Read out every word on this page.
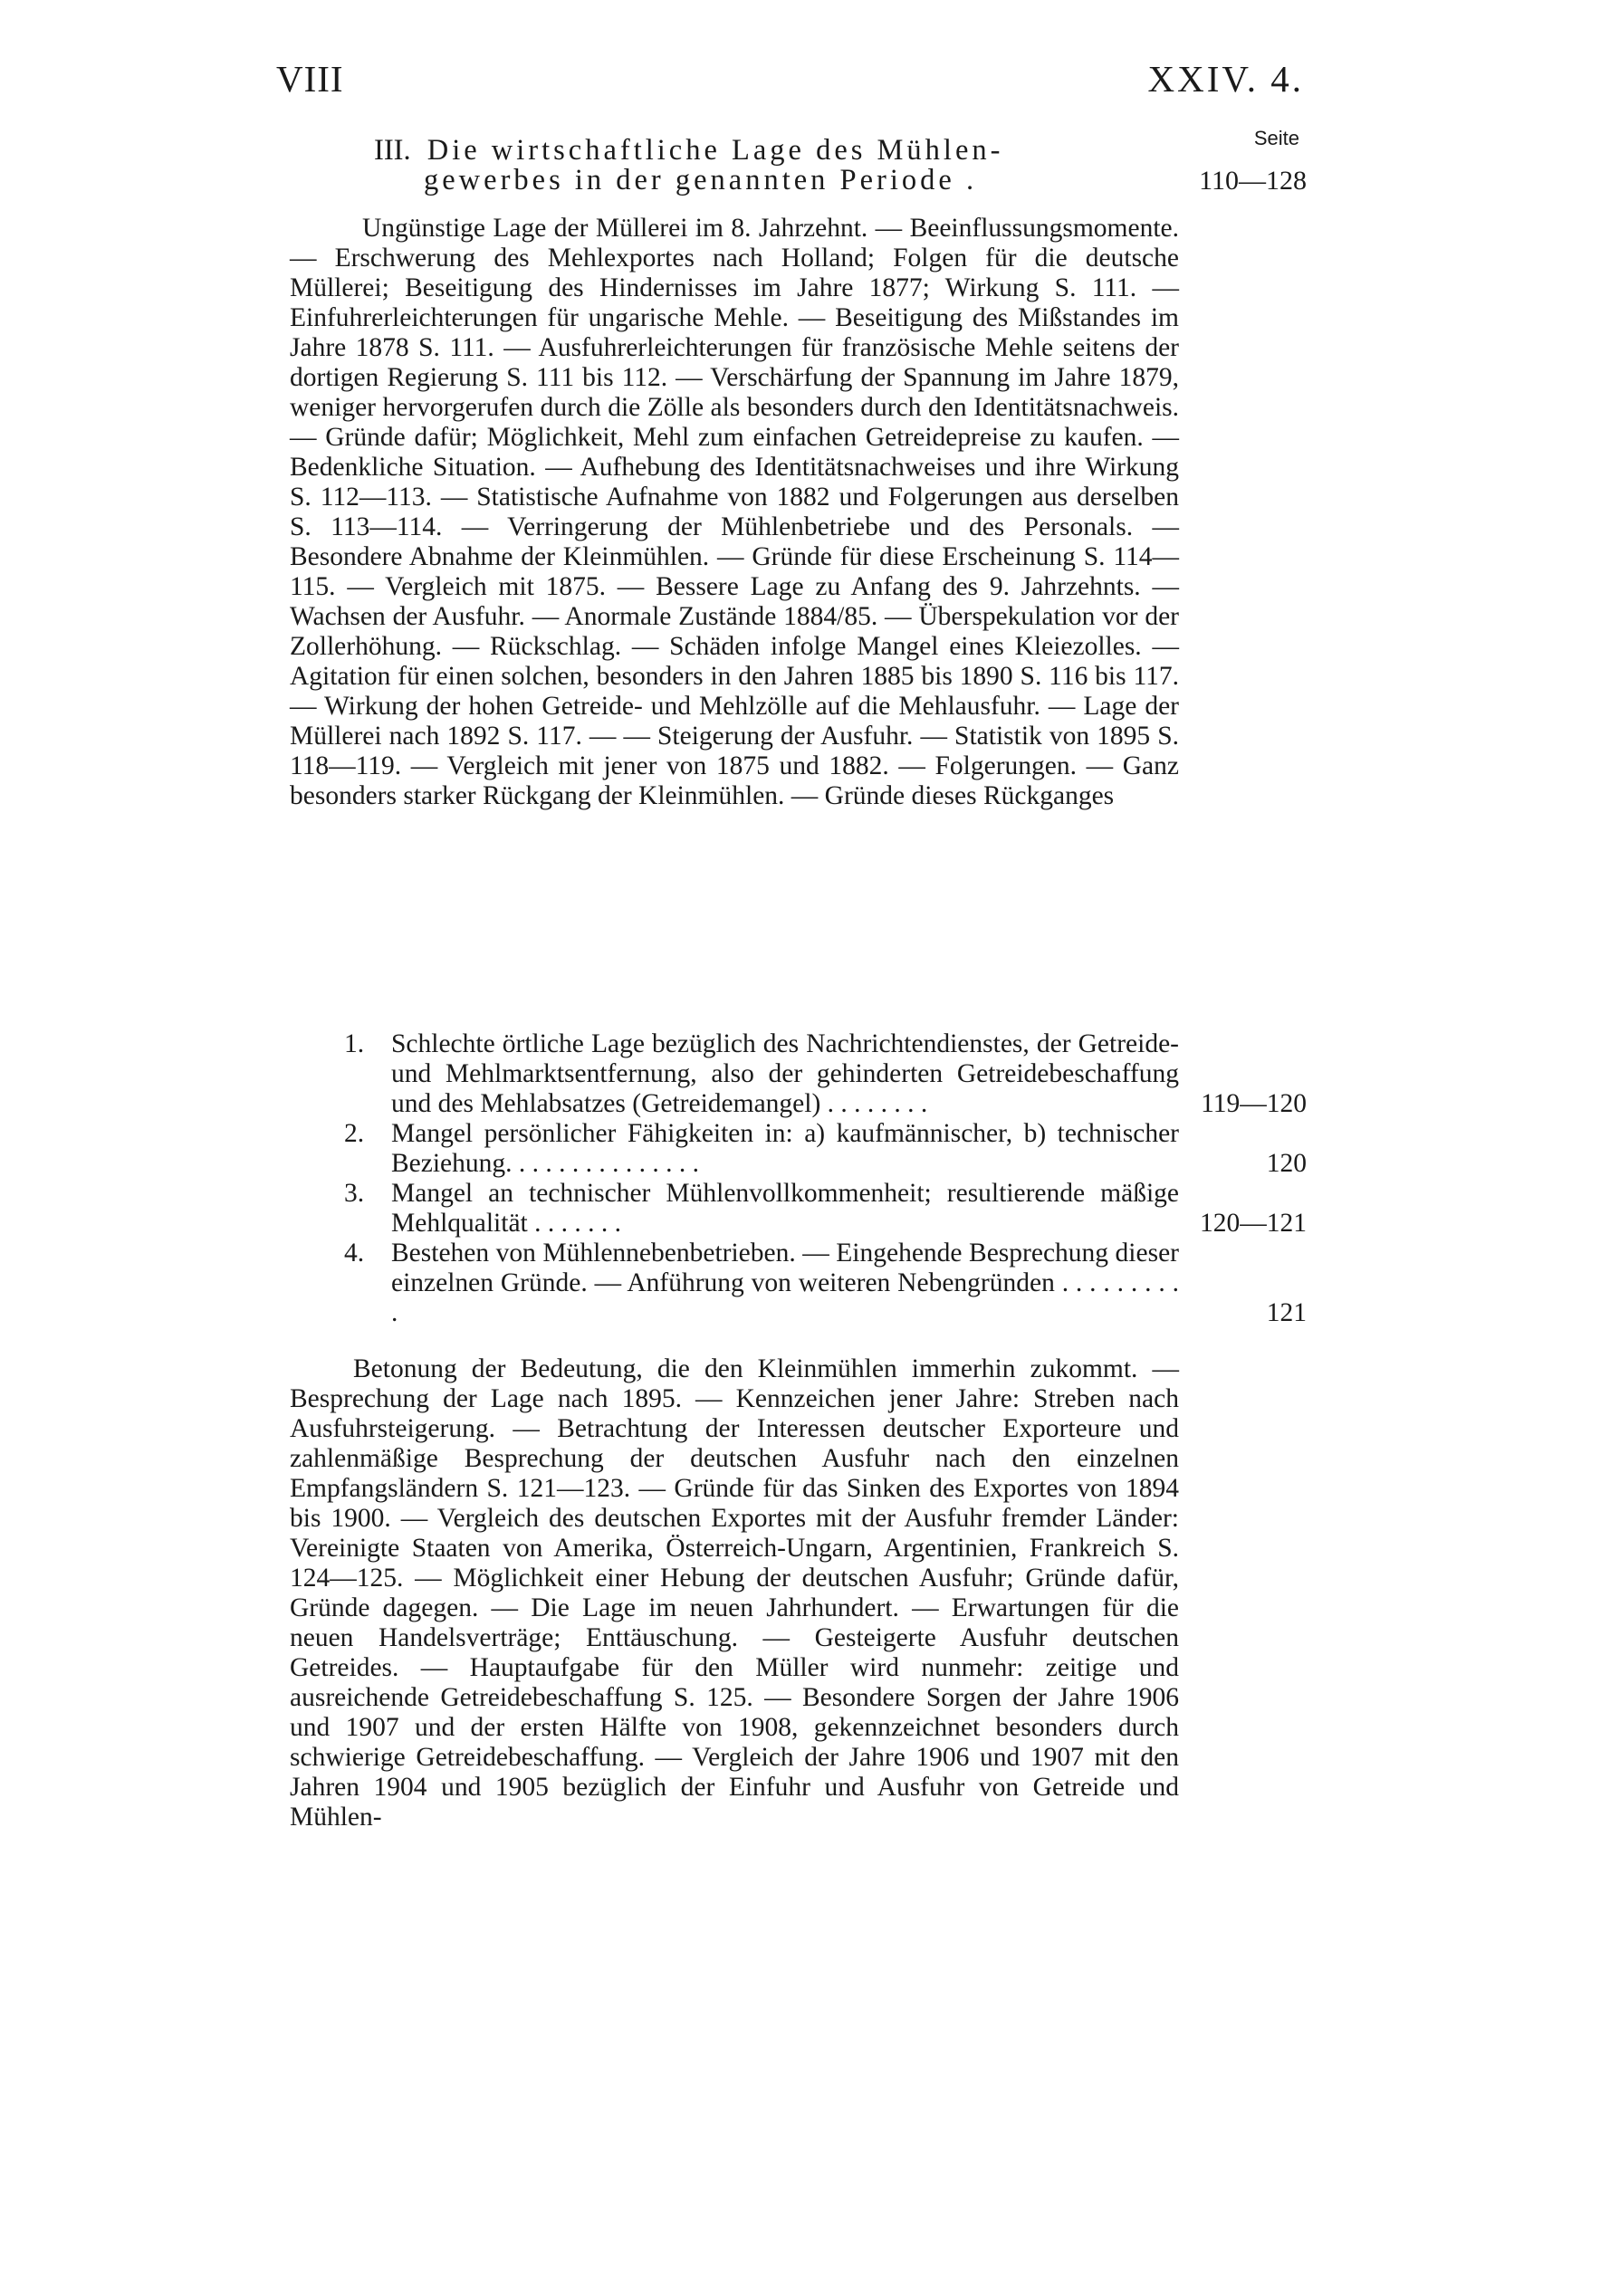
VIII	XXIV. 4.
Seite
III. Die wirtschaftliche Lage des Mühlen-
gewerbes in der genannten Periode .	110—128
Ungünstige Lage der Müllerei im 8. Jahrzehnt. — Beeinflussungsmomente. — Erschwerung des Mehlexportes nach Holland; Folgen für die deutsche Müllerei; Beseitigung des Hindernisses im Jahre 1877; Wirkung S. 111. — Einfuhrerleichterungen für ungarische Mehle. — Beseitigung des Mißstandes im Jahre 1878 S. 111. — Ausfuhrerleichterungen für französische Mehle seitens der dortigen Regierung S. 111 bis 112. — Verschärfung der Spannung im Jahre 1879, weniger hervorgerufen durch die Zölle als besonders durch den Identitätsnachweis. — Gründe dafür; Möglichkeit, Mehl zum einfachen Getreidepreise zu kaufen. — Bedenkliche Situation. — Aufhebung des Identitätsnachweises und ihre Wirkung S. 112—113. — Statistische Aufnahme von 1882 und Folgerungen aus derselben S. 113—114. — Verringerung der Mühlenbetriebe und des Personals. — Besondere Abnahme der Kleinmühlen. — Gründe für diese Erscheinung S. 114—115. — Vergleich mit 1875. — Bessere Lage zu Anfang des 9. Jahrzehnts. — Wachsen der Ausfuhr. — Anormale Zustände 1884/85. — Überspekulation vor der Zollerhöhung. — Rückschlag. — Schäden infolge Mangel eines Kleiezolles. — Agitation für einen solchen, besonders in den Jahren 1885 bis 1890 S. 116 bis 117. — Wirkung der hohen Getreide- und Mehlzölle auf die Mehlausfuhr. — Lage der Müllerei nach 1892 S. 117. — — Steigerung der Ausfuhr. — Statistik von 1895 S. 118—119. — Vergleich mit jener von 1875 und 1882. — Folgerungen. — Ganz besonders starker Rückgang der Kleinmühlen. — Gründe dieses Rückganges
1. Schlechte örtliche Lage bezüglich des Nachrichtendienstes, der Getreide- und Mehlmarktsentfernung, also der gehinderten Getreidebeschaffung und des Mehlabsatzes (Getreidemangel) . . . . . . . .	119—120
2. Mangel persönlicher Fähigkeiten in: a) kaufmännischer, b) technischer Beziehung. . . . . . . . . . . . . . .	120
3. Mangel an technischer Mühlenvollkommenheit; resultierende mäßige Mehlqualität . . . . . . .	120—121
4. Bestehen von Mühlennebenbetrieben. — Eingehende Besprechung dieser einzelnen Gründe. — Anführung von weiteren Nebengründen . . . . . . . . . .	121
Betonung der Bedeutung, die den Kleinmühlen immerhin zukommt. — Besprechung der Lage nach 1895. — Kennzeichen jener Jahre: Streben nach Ausfuhrsteigerung. — Betrachtung der Interessen deutscher Exporteure und zahlenmäßige Besprechung der deutschen Ausfuhr nach den einzelnen Empfangsländern S. 121—123. — Gründe für das Sinken des Exportes von 1894 bis 1900. — Vergleich des deutschen Exportes mit der Ausfuhr fremder Länder: Vereinigte Staaten von Amerika, Österreich-Ungarn, Argentinien, Frankreich S. 124—125. — Möglichkeit einer Hebung der deutschen Ausfuhr; Gründe dafür, Gründe dagegen. — Die Lage im neuen Jahrhundert. — Erwartungen für die neuen Handelsverträge; Enttäuschung. — Gesteigerte Ausfuhr deutschen Getreides. — Hauptaufgabe für den Müller wird nunmehr: zeitige und ausreichende Getreidebeschaffung S. 125. — Besondere Sorgen der Jahre 1906 und 1907 und der ersten Hälfte von 1908, gekennzeichnet besonders durch schwierige Getreidebeschaffung. — Vergleich der Jahre 1906 und 1907 mit den Jahren 1904 und 1905 bezüglich der Einfuhr und Ausfuhr von Getreide und Mühlen-
